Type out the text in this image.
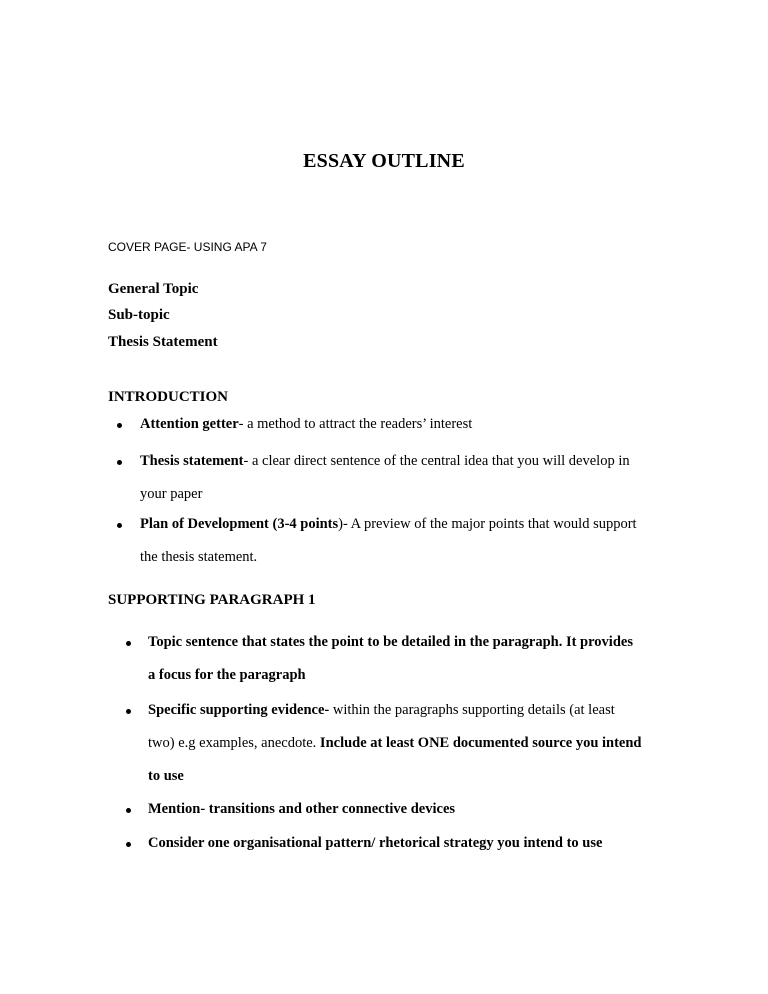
ESSAY OUTLINE
COVER PAGE- USING APA 7
General Topic
Sub-topic
Thesis Statement
INTRODUCTION
Attention getter- a method to attract the readers’ interest
Thesis statement- a clear direct sentence of the central idea that you will develop in
your paper
Plan of Development (3-4 points)- A preview of the major points that would support
the thesis statement.
SUPPORTING PARAGRAPH 1
Topic sentence that states the point to be detailed in the paragraph. It provides
a focus for the paragraph
Specific supporting evidence- within the paragraphs supporting details (at least
two) e.g examples, anecdote. Include at least ONE documented source you intend
to use
Mention- transitions and other connective devices
Consider one organisational pattern/ rhetorical strategy you intend to use
